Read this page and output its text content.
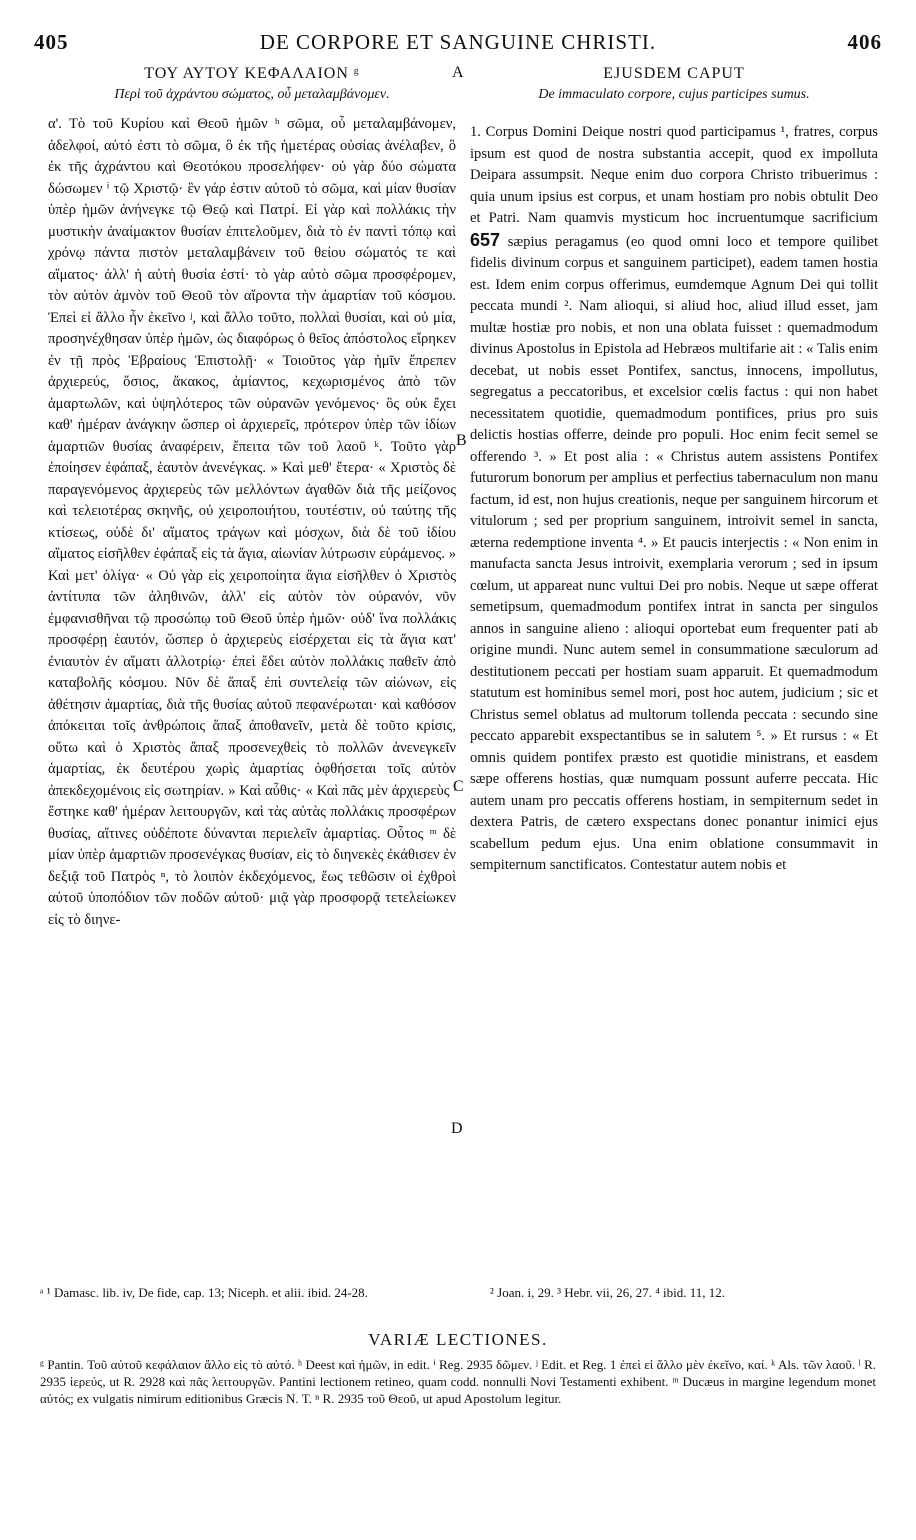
405	DE CORPORE ET SANGUINE CHRISTI.	406
A
B
C
D
ΤΟΥ ΑΥΤΟΥ ΚΕΦΑΛΑΙΟΝ ᵍ
Περὶ τοῦ ἀχράντου σώματος, οὗ μεταλαμβάνομεν.
α'. Τὸ τοῦ Κυρίου καὶ Θεοῦ ἡμῶν ʰ σῶμα, οὗ μεταλαμβάνομεν, ἀδελφοί, αὐτό ἐστι τὸ σῶμα, ὃ ἐκ τῆς ἡμετέρας οὐσίας ἀνέλαβεν, ὃ ἐκ τῆς ἀχράντου καὶ Θεοτόκου προσελήφεν· οὐ γὰρ δύο σώματα δώσωμεν ⁱ τῷ Χριστῷ· ἓν γάρ ἐστιν αὐτοῦ τὸ σῶμα, καὶ μίαν θυσίαν ὑπὲρ ἡμῶν ἀνήνεγκε τῷ Θεῷ καὶ Πατρί. Εἰ γὰρ καὶ πολλάκις τὴν μυστικὴν ἀναίμακτον θυσίαν ἐπιτελοῦμεν, διὰ τὸ ἐν παντὶ τόπῳ καὶ χρόνῳ πάντα πιστὸν μεταλαμβάνειν τοῦ θείου σώματός τε καὶ αἵματος· ἀλλ' ἡ αὐτὴ θυσία ἐστί· τὸ γὰρ αὐτὸ σῶμα προσφέρομεν, τὸν αὐτὸν ἀμνὸν τοῦ Θεοῦ τὸν αἴροντα τὴν ἁμαρτίαν τοῦ κόσμου. Ἐπεὶ εἰ ἄλλο ἦν ἐκεῖνο ʲ, καὶ ἄλλο τοῦτο, πολλαὶ θυσίαι, καὶ οὐ μία, προσηνέχθησαν ὑπὲρ ἡμῶν, ὡς διαφόρως ὁ θεῖος ἀπόστολος εἴρηκεν ἐν τῇ πρὸς Ἑβραίους Ἐπιστολῇ· « Τοιοῦτος γὰρ ἡμῖν ἔπρεπεν ἀρχιερεύς, ὅσιος, ἄκακος, ἀμίαντος, κεχωρισμένος ἀπὸ τῶν ἁμαρτωλῶν, καὶ ὑψηλότερος τῶν οὐρανῶν γενόμενος· ὃς οὐκ ἔχει καθ' ἡμέραν ἀνάγκην ὥσπερ οἱ ἀρχιερεῖς, πρότερον ὑπὲρ τῶν ἰδίων ἁμαρτιῶν θυσίας ἀναφέρειν, ἔπειτα τῶν τοῦ λαοῦ ᵏ. Τοῦτο γὰρ ἐποίησεν ἐφάπαξ, ἑαυτὸν ἀνενέγκας. » Καὶ μεθ' ἕτερα· « Χριστὸς δὲ παραγενόμενος ἀρχιερεὺς τῶν μελλόντων ἀγαθῶν διὰ τῆς μείζονος καὶ τελειοτέρας σκηνῆς, οὐ χειροποιήτου, τουτέστιν, οὐ ταύτης τῆς κτίσεως, οὐδὲ δι' αἵματος τράγων καὶ μόσχων, διὰ δὲ τοῦ ἰδίου αἵματος εἰσῆλθεν ἐφάπαξ εἰς τὰ ἅγια, αἰωνίαν λύτρωσιν εὑράμενος. » Καὶ μετ' ὀλίγα· « Οὐ γὰρ εἰς χειροποίητα ἅγια εἰσῆλθεν ὁ Χριστὸς ἀντίτυπα τῶν ἀληθινῶν, ἀλλ' εἰς αὐτὸν τὸν οὐρανόν, νῦν ἐμφανισθῆναι τῷ προσώπῳ τοῦ Θεοῦ ὑπὲρ ἡμῶν· οὐδ' ἵνα πολλάκις προσφέρῃ ἑαυτόν, ὥσπερ ὁ ἀρχιερεὺς εἰσέρχεται εἰς τὰ ἅγια κατ' ἐνιαυτὸν ἐν αἵματι ἀλλοτρίῳ· ἐπεὶ ἔδει αὐτὸν πολλάκις παθεῖν ἀπὸ καταβολῆς κόσμου. Νῦν δὲ ἅπαξ ἐπὶ συντελείᾳ τῶν αἰώνων, εἰς ἀθέτησιν ἁμαρτίας, διὰ τῆς θυσίας αὐτοῦ πεφανέρωται· καὶ καθόσον ἀπόκειται τοῖς ἀνθρώποις ἅπαξ ἀποθανεῖν, μετὰ δὲ τοῦτο κρίσις, οὕτω καὶ ὁ Χριστὸς ἅπαξ προσενεχθεὶς τὸ πολλῶν ἀνενεγκεῖν ἁμαρτίας, ἐκ δευτέρου χωρὶς ἁμαρτίας ὀφθήσεται τοῖς αὐτὸν ἀπεκδεχομένοις εἰς σωτηρίαν. » Καὶ αὖθις· « Καὶ πᾶς μὲν ἀρχιερεὺς ˡ ἕστηκε καθ' ἡμέραν λειτουργῶν, καὶ τὰς αὐτὰς πολλάκις προσφέρων θυσίας, αἵτινες οὐδέποτε δύνανται περιελεῖν ἁμαρτίας. Οὗτος ᵐ δὲ μίαν ὑπὲρ ἁμαρτιῶν προσενέγκας θυσίαν, εἰς τὸ διηνεκὲς ἐκάθισεν ἐν δεξιᾷ τοῦ Πατρὸς ⁿ, τὸ λοιπὸν ἐκδεχόμενος, ἕως τεθῶσιν οἱ ἐχθροὶ αὐτοῦ ὑποπόδιον τῶν ποδῶν αὐτοῦ· μιᾷ γὰρ προσφορᾷ τετελείωκεν εἰς τὸ διηνε-
EJUSDEM CAPUT
De immaculato corpore, cujus participes sumus.
1. Corpus Domini Deique nostri quod participamus ¹, fratres, corpus ipsum est quod de nostra substantia accepit, quod ex impolluta Deipara assumpsit. Neque enim duo corpora Christo tribuerimus : quia unum ipsius est corpus, et unam hostiam pro nobis obtulit Deo et Patri. Nam quamvis mysticum hoc incruentumque sacrificium 657 sæpius peragamus (eo quod omni loco et tempore quilibet fidelis divinum corpus et sanguinem participet), eadem tamen hostia est. Idem enim corpus offerimus, eumdemque Agnum Dei qui tollit peccata mundi ². Nam alioqui, si aliud hoc, aliud illud esset, jam multæ hostiæ pro nobis, et non una oblata fuisset : quemadmodum divinus Apostolus in Epistola ad Hebræos multifarie ait : « Talis enim decebat, ut nobis esset Pontifex, sanctus, innocens, impollutus, segregatus a peccatoribus, et excelsior cœlis factus : qui non habet necessitatem quotidie, quemadmodum pontifices, prius pro suis delictis hostias offerre, deinde pro populi. Hoc enim fecit semel se offerendo ³. » Et post alia : « Christus autem assistens Pontifex futurorum bonorum per amplius et perfectius tabernaculum non manu factum, id est, non hujus creationis, neque per sanguinem hircorum et vitulorum ; sed per proprium sanguinem, introivit semel in sancta, æterna redemptione inventa ⁴. » Et paucis interjectis : « Non enim in manufacta sancta Jesus introivit, exemplaria verorum ; sed in ipsum cœlum, ut appareat nunc vultui Dei pro nobis. Neque ut sæpe offerat semetipsum, quemadmodum pontifex intrat in sancta per singulos annos in sanguine alieno : alioqui oportebat eum frequenter pati ab origine mundi. Nunc autem semel in consummatione sæculorum ad destitutionem peccati per hostiam suam apparuit. Et quemadmodum statutum est hominibus semel mori, post hoc autem, judicium ; sic et Christus semel oblatus ad multorum tollenda peccata : secundo sine peccato apparebit exspectantibus se in salutem ⁵. » Et rursus : « Et omnis quidem pontifex præsto est quotidie ministrans, et easdem sæpe offerens hostias, quæ numquam possunt auferre peccata. Hic autem unam pro peccatis offerens hostiam, in sempiternum sedet in dextera Patris, de cætero exspectans donec ponantur inimici ejus scabellum pedum ejus. Una enim oblatione consummavit in sempiternum sanctificatos. Contestatur autem nobis et
ᵃ ¹ Damasc. lib. iv, De fide, cap. 13; Niceph. et alii. ibid. 24-28.	² Joan. i, 29. ³ Hebr. vii, 26, 27. ⁴ ibid. 11, 12.
VARIÆ LECTIONES.
ᵍ Pantin. Τοῦ αὐτοῦ κεφάλαιον ἄλλο εἰς τὸ αὐτό. ʰ Deest καὶ ἡμῶν, in edit. ⁱ Reg. 2935 δῶμεν. ʲ Edit. et Reg. 1 ἐπεὶ εἰ ἄλλο μὲν ἐκεῖνο, καί. ᵏ Als. τῶν λαοῦ. ˡ R. 2935 ἱερεύς, ut R. 2928 καὶ πᾶς λειτουργῶν. Pantini lectionem retineo, quam codd. nonnulli Novi Testamenti exhibent. ᵐ Ducæus in margine legendum monet αὐτός; ex vulgatis nimirum editionibus Græcis N. T. ⁿ R. 2935 τοῦ Θεοῦ, ut apud Apostolum legitur.
